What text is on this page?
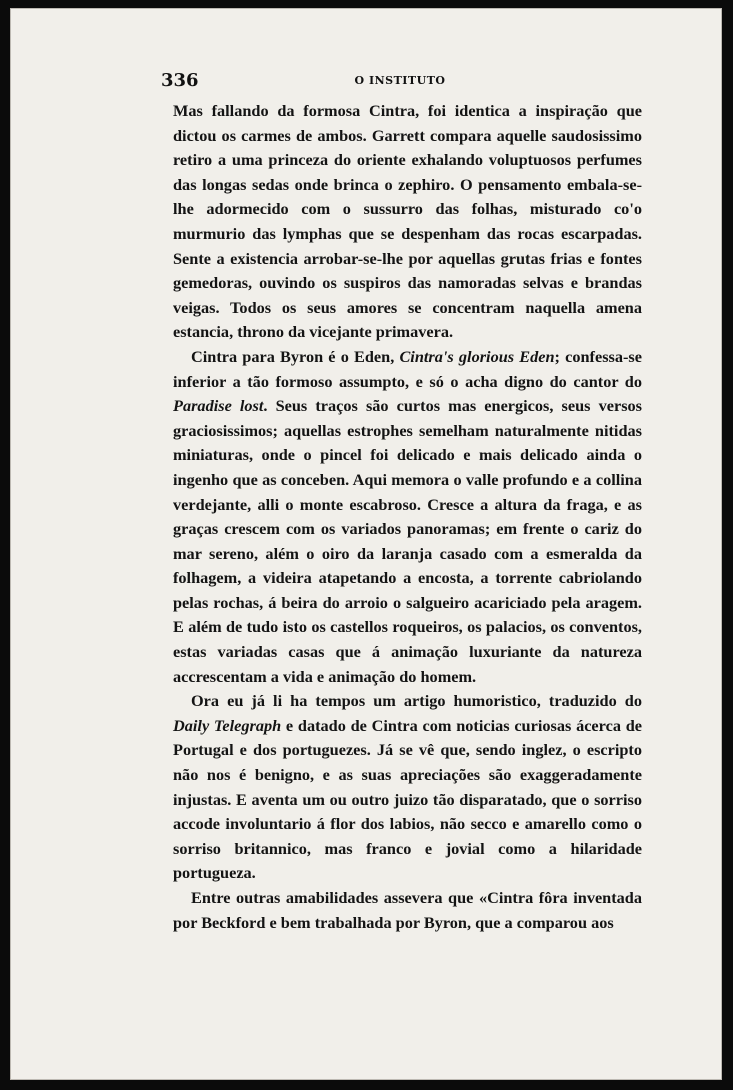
336	O INSTITUTO

Mas fallando da formosa Cintra, foi identica a inspiração que dictou os carmes de ambos. Garrett compara aquelle saudosissimo retiro a uma princeza do oriente exhalando voluptuosos perfumes das longas sedas onde brinca o zephiro. O pensamento embala-se-lhe adormecido com o sussurro das folhas, misturado co'o murmurio das lymphas que se despenham das rocas escarpadas. Sente a existencia arrobar-se-lhe por aquellas grutas frias e fontes gemedoras, ouvindo os suspiros das namoradas selvas e brandas veigas. Todos os seus amores se concentram naquella amena estancia, throno da vicejante primavera.

Cintra para Byron é o Eden, Cintra's glorious Eden; confessa-se inferior a tão formoso assumpto, e só o acha digno do cantor do Paradise lost. Seus traços são curtos mas energicos, seus versos graciosissimos; aquellas estrophes semelham naturalmente nitidas miniaturas, onde o pincel foi delicado e mais delicado ainda o ingenho que as conceben. Aqui memora o valle profundo e a collina verdejante, alli o monte escabroso. Cresce a altura da fraga, e as graças crescem com os variados panoramas; em frente o cariz do mar sereno, além o oiro da laranja casado com a esmeralda da folhagem, a videira atapetando a encosta, a torrente cabriolando pelas rochas, á beira do arroio o salgueiro acariciado pela aragem. E além de tudo isto os castellos roqueiros, os palacios, os conventos, estas variadas casas que á animação luxuriante da natureza accrescentam a vida e animação do homem.

Ora eu já li ha tempos um artigo humoristico, traduzido do Daily Telegraph e datado de Cintra com noticias curiosas ácerca de Portugal e dos portuguezes. Já se vê que, sendo inglez, o escripto não nos é benigno, e as suas apreciações são exaggeradamente injustas. E aventa um ou outro juizo tão disparatado, que o sorriso accode involuntario á flor dos labios, não secco e amarello como o sorriso britannico, mas franco e jovial como a hilaridade portugueza.

Entre outras amabilidades assevera que «Cintra fôra inventada por Beckford e bem trabalhada por Byron, que a comparou aos
